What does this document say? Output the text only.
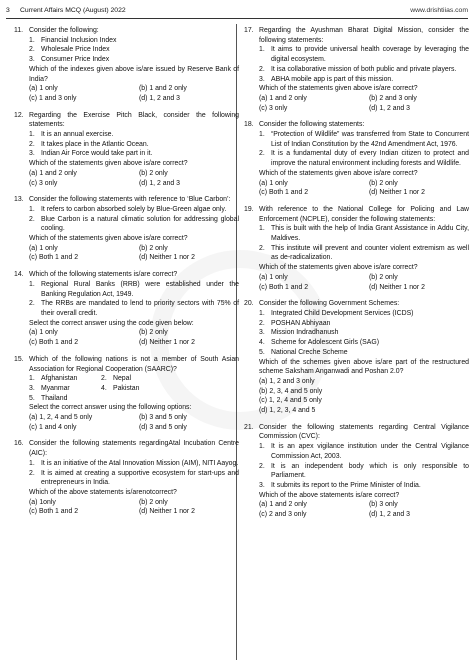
3	Current Affairs MCQ (August) 2022	www.drishtiias.com
11. Consider the following:
1. Financial Inclusion Index
2. Wholesale Price Index
3. Consumer Price Index
Which of the indexes given above is/are issued by Reserve Bank of India?
(a) 1 only	(b) 1 and 2 only
(c) 1 and 3 only	(d) 1, 2 and 3
12. Regarding the Exercise Pitch Black, consider the following statements:
1. It is an annual exercise.
2. It takes place in the Atlantic Ocean.
3. Indian Air Force would take part in it.
Which of the statements given above is/are correct?
(a) 1 and 2 only	(b) 2 only
(c) 3 only	(d) 1, 2 and 3
13. Consider the following statements with reference to ‘Blue Carbon’:
1. It refers to carbon absorbed solely by Blue-Green algae only.
2. Blue Carbon is a natural climatic solution for addressing global cooling.
Which of the statements given above is/are correct?
(a) 1 only	(b) 2 only
(c) Both 1 and 2	(d) Neither 1 nor 2
14. Which of the following statements is/are correct?
1. Regional Rural Banks (RRB) were established under the Banking Regulation Act, 1949.
2. The RRBs are mandated to lend to priority sectors with 75% of their overall credit.
Select the correct answer using the code given below:
(a) 1 only	(b) 2 only
(c) Both 1 and 2	(d) Neither 1 nor 2
15. Which of the following nations is not a member of South Asian Association for Regional Cooperation (SAARC)?
1. Afghanistan	2. Nepal
3. Myanmar	4. Pakistan
5. Thailand
Select the correct answer using the following options:
(a) 1, 2, 4 and 5 only	(b) 3 and 5 only
(c) 1 and 4 only	(d) 3 and 5 only
16. Consider the following statements regardingAtal Incubation Centre (AIC):
1. It is an initiative of the Atal Innovation Mission (AIM), NITI Aayog.
2. It is aimed at creating a supportive ecosystem for start-ups and entrepreneurs in India.
Which of the above statements is/arenotcorrect?
(a) 1only	(b) 2 only
(c) Both 1 and 2	(d) Neither 1 nor 2
17. Regarding the Ayushman Bharat Digital Mission, consider the following statements:
1. It aims to provide universal health coverage by leveraging the digital ecosystem.
2. It isa collaborative mission of both public and private players.
3. ABHA mobile app is part of this mission.
Which of the statements given above is/are correct?
(a) 1 and 2 only	(b) 2 and 3 only
(c) 3 only	(d) 1, 2 and 3
18. Consider the following statements:
1. “Protection of Wildlife” was transferred from State to Concurrent List of Indian Constitution by the 42nd Amendment Act, 1976.
2. It is a fundamental duty of every Indian citizen to protect and improve the natural environment including forests and Wildlife.
Which of the statements given above is/are correct?
(a) 1 only	(b) 2 only
(c) Both 1 and 2	(d) Neither 1 nor 2
19. With reference to the National College for Policing and Law Enforcement (NCPLE), consider the following statements:
1. This is built with the help of India Grant Assistance in Addu City, Maldives.
2. This institute will prevent and counter violent extremism as well as de-radicalization.
Which of the statements given above is/are correct?
(a) 1 only	(b) 2 only
(c) Both 1 and 2	(d) Neither 1 nor 2
20. Consider the following Government Schemes:
1. Integrated Child Development Services (ICDS)
2. POSHAN Abhiyaan
3. Mission Indradhanush
4. Scheme for Adolescent Girls (SAG)
5. National Creche Scheme
Which of the schemes given above is/are part of the restructured scheme Saksham Anganwadi and Poshan 2.0?
(a) 1, 2 and 3 only
(b) 2, 3, 4 and 5 only
(c) 1, 2, 4 and 5 only
(d) 1, 2, 3, 4 and 5
21. Consider the following statements regarding Central Vigilance Commission (CVC):
1. It is an apex vigilance institution under the Central Vigilance Commission Act, 2003.
2. It is an independent body which is only responsible to Parliament.
3. It submits its report to the Prime Minister of India.
Which of the above statements is/are correct?
(a) 1 and 2 only	(b) 3 only
(c) 2 and 3 only	(d) 1, 2 and 3
